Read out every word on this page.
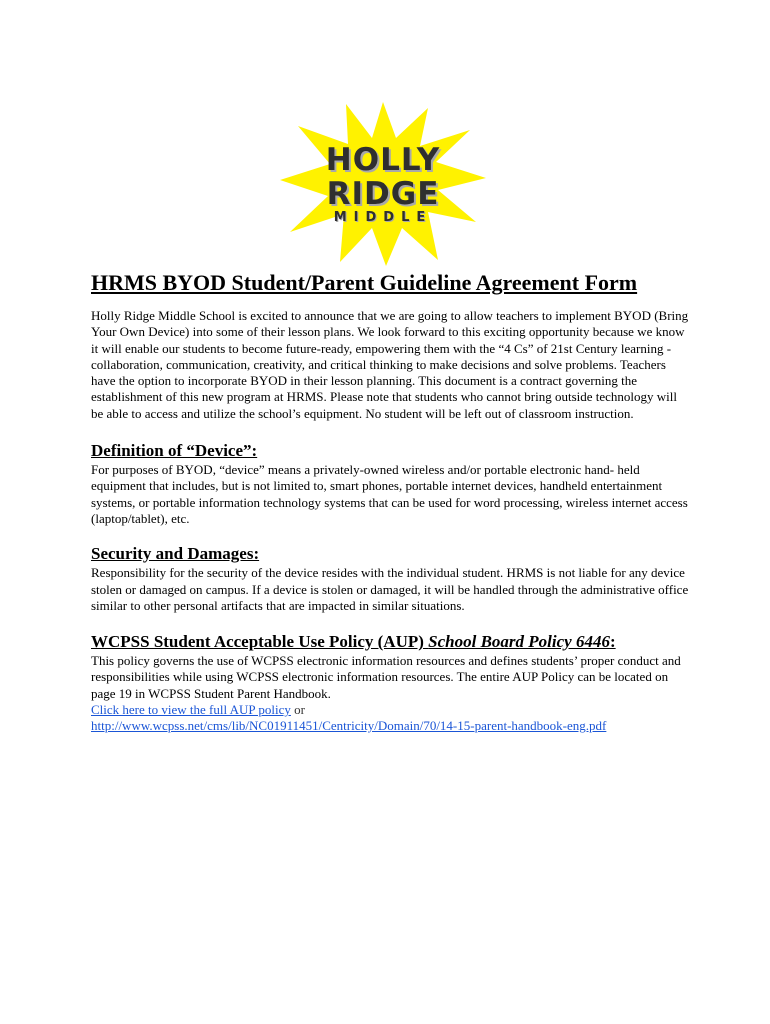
HOLLY
RIDGE
MIDDLE
HRMS BYOD Student/Parent Guideline Agreement Form

Holly Ridge Middle School is excited to announce that we are going to allow teachers to implement BYOD (Bring Your Own Device) into some of their lesson plans. We look forward to this exciting opportunity because we know it will enable our students to become future-ready, empowering them with the “4 Cs” of 21st Century learning - collaboration, communication, creativity, and critical thinking to make decisions and solve problems. Teachers have the option to incorporate BYOD in their lesson planning. This document is a contract governing the establishment of this new program at HRMS. Please note that students who cannot bring outside technology will be able to access and utilize the school’s equipment. No student will be left out of classroom instruction.

Definition of “Device”:

For purposes of BYOD, “device” means a privately-owned wireless and/or portable electronic hand- held equipment that includes, but is not limited to, smart phones, portable internet devices, handheld entertainment systems, or portable information technology systems that can be used for word processing, wireless internet access (laptop/tablet), etc.

Security and Damages:

Responsibility for the security of the device resides with the individual student. HRMS is not liable for any device stolen or damaged on campus. If a device is stolen or damaged, it will be handled through the administrative office similar to other personal artifacts that are impacted in similar situations.

WCPSS Student Acceptable Use Policy (AUP) School Board Policy 6446:

This policy governs the use of WCPSS electronic information resources and defines students’ proper conduct and responsibilities while using WCPSS electronic information resources. The entire AUP Policy can be located on page 19 in WCPSS Student Parent Handbook.
Click here to view the full AUP policy or
http://www.wcpss.net/cms/lib/NC01911451/Centricity/Domain/70/14-15-parent-handbook-eng.pdf
